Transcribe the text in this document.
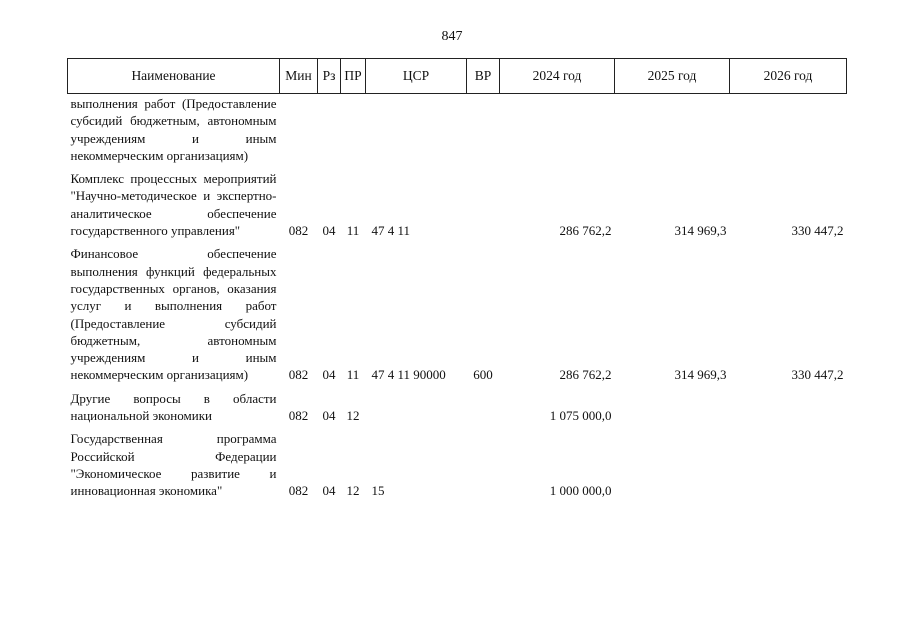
847
Наименование	Мин	Рз	ПР	ЦСР	ВР	2024 год	2025 год	2026 год
выполнения работ (Предоставление субсидий бюджетным, автономным учреждениям и иным некоммерческим организациям)								
Комплекс процессных мероприятий "Научно-методическое и экспертно-аналитическое обеспечение государственного управления"	082	04	11	47 4 11		286 762,2	314 969,3	330 447,2
Финансовое обеспечение выполнения функций федеральных государственных органов, оказания услуг и выполнения работ (Предоставление субсидий бюджетным, автономным учреждениям и иным некоммерческим организациям)	082	04	11	47 4 11 90000	600	286 762,2	314 969,3	330 447,2
Другие вопросы в области национальной экономики	082	04	12			1 075 000,0		
Государственная программа Российской Федерации "Экономическое развитие и инновационная экономика"	082	04	12	15		1 000 000,0		
